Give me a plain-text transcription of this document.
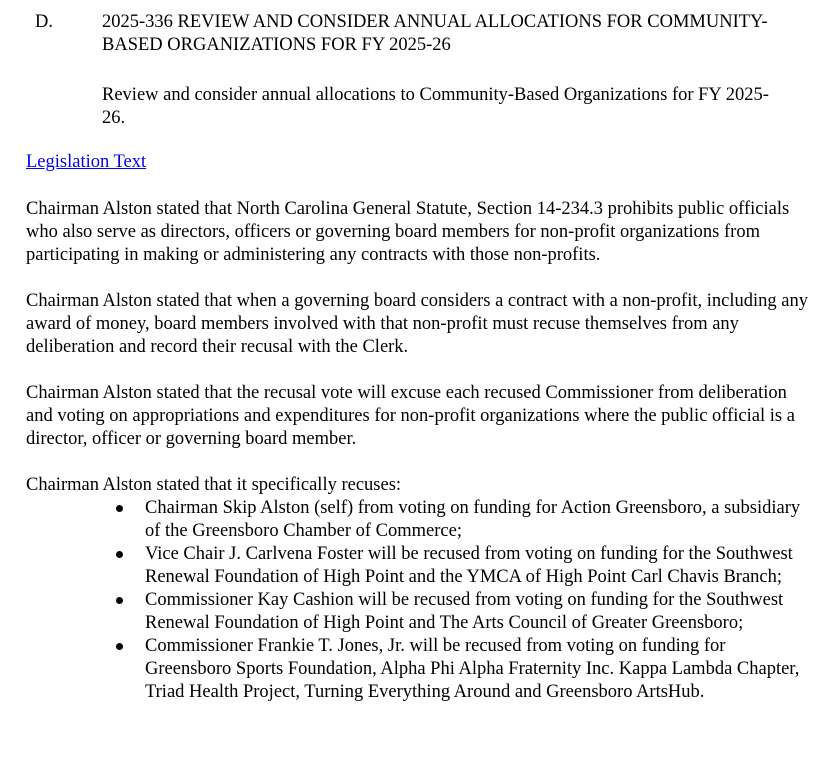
D.	2025-336 REVIEW AND CONSIDER ANNUAL ALLOCATIONS FOR COMMUNITY-BASED ORGANIZATIONS FOR FY 2025-26
Review and consider annual allocations to Community-Based Organizations for FY 2025-26.
Legislation Text

Chairman Alston stated that North Carolina General Statute, Section 14-234.3 prohibits public officials who also serve as directors, officers or governing board members for non-profit organizations from participating in making or administering any contracts with those non-profits.

Chairman Alston stated that when a governing board considers a contract with a non-profit, including any award of money, board members involved with that non-profit must recuse themselves from any deliberation and record their recusal with the Clerk.

Chairman Alston stated that the recusal vote will excuse each recused Commissioner from deliberation and voting on appropriations and expenditures for non-profit organizations where the public official is a director, officer or governing board member.

Chairman Alston stated that it specifically recuses:

Chairman Skip Alston (self) from voting on funding for Action Greensboro, a subsidiary of the Greensboro Chamber of Commerce;
Vice Chair J. Carlvena Foster will be recused from voting on funding for the Southwest Renewal Foundation of High Point and the YMCA of High Point Carl Chavis Branch;
Commissioner Kay Cashion will be recused from voting on funding for the Southwest Renewal Foundation of High Point and The Arts Council of Greater Greensboro;
Commissioner Frankie T. Jones, Jr. will be recused from voting on funding for Greensboro Sports Foundation, Alpha Phi Alpha Fraternity Inc. Kappa Lambda Chapter, Triad Health Project, Turning Everything Around and Greensboro ArtsHub.
